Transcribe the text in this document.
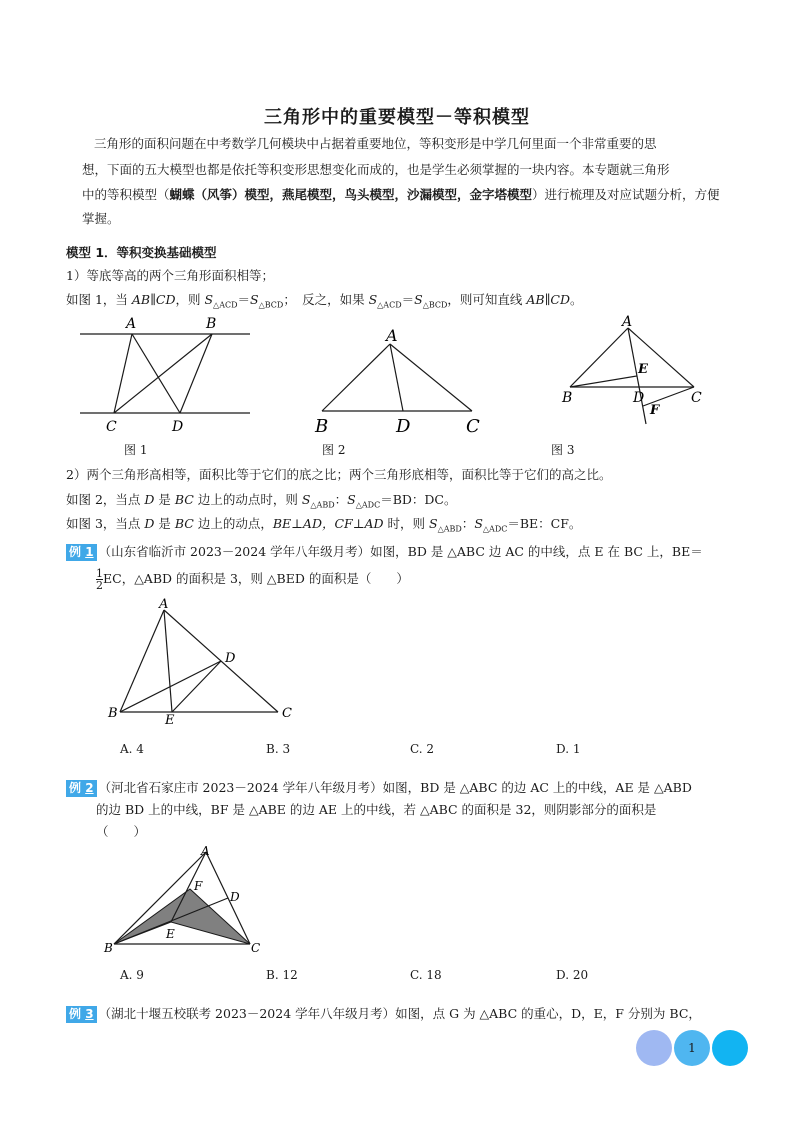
三角形中的重要模型－等积模型
三角形的面积问题在中考数学几何模块中占据着重要地位，等积变形是中学几何里面一个非常重要的思
想，下面的五大模型也都是依托等积变形思想变化而成的，也是学生必须掌握的一块内容。本专题就三角形
中的等积模型（蝴蝶（风筝）模型，燕尾模型，鸟头模型，沙漏模型，金字塔模型）进行梳理及对应试题分析，方便
掌握。
模型 1．等积变换基础模型
1）等底等高的两个三角形面积相等；
如图 1，当 AB∥CD，则 $S_{\triangle ACD}=S_{\triangle BCD}$；　反之，如果 $S_{\triangle ACD}=S_{\triangle BCD}$，则可知直线 AB∥CD。
A	B
C	D
A
B	D	C
A
E
B	D	C
F
图 1	图 2	图 3
2）两个三角形高相等，面积比等于它们的底之比；两个三角形底相等，面积比等于它们的高之比。
如图 2，当点 D 是 BC 边上的动点时，则 $S_{\triangle ABD}$：$S_{\triangle ADC}=BD$：DC。
如图 3，当点 D 是 BC 边上的动点，BE⊥AD，CF⊥AD 时，则 $S_{\triangle ABD}$：$S_{\triangle ADC}=BE$：CF。
例 1 （山东省临沂市 2023－2024 学年八年级月考）如图，BD 是 △ABC 边 AC 的中线，点 E 在 BC 上，BE＝
$\frac{1}{2}$ EC，△ABD 的面积是 3，则 △BED 的面积是（　　）
A
D
B	E	C
A. 4	B. 3	C. 2	D. 1
例 2 （河北省石家庄市 2023－2024 学年八年级月考）如图，BD 是 △ABC 的边 AC 上的中线，AE 是 △ABD
的边 BD 上的中线，BF 是 △ABE 的边 AE 上的中线，若 △ABC 的面积是 32，则阴影部分的面积是
（　　）
A
F
D
E
B	C
A. 9	B. 12	C. 18	D. 20
例 3 （湖北十堰五校联考 2023－2024 学年八年级月考）如图，点 G 为 △ABC 的重心，D，E，F 分别为 BC，
1
